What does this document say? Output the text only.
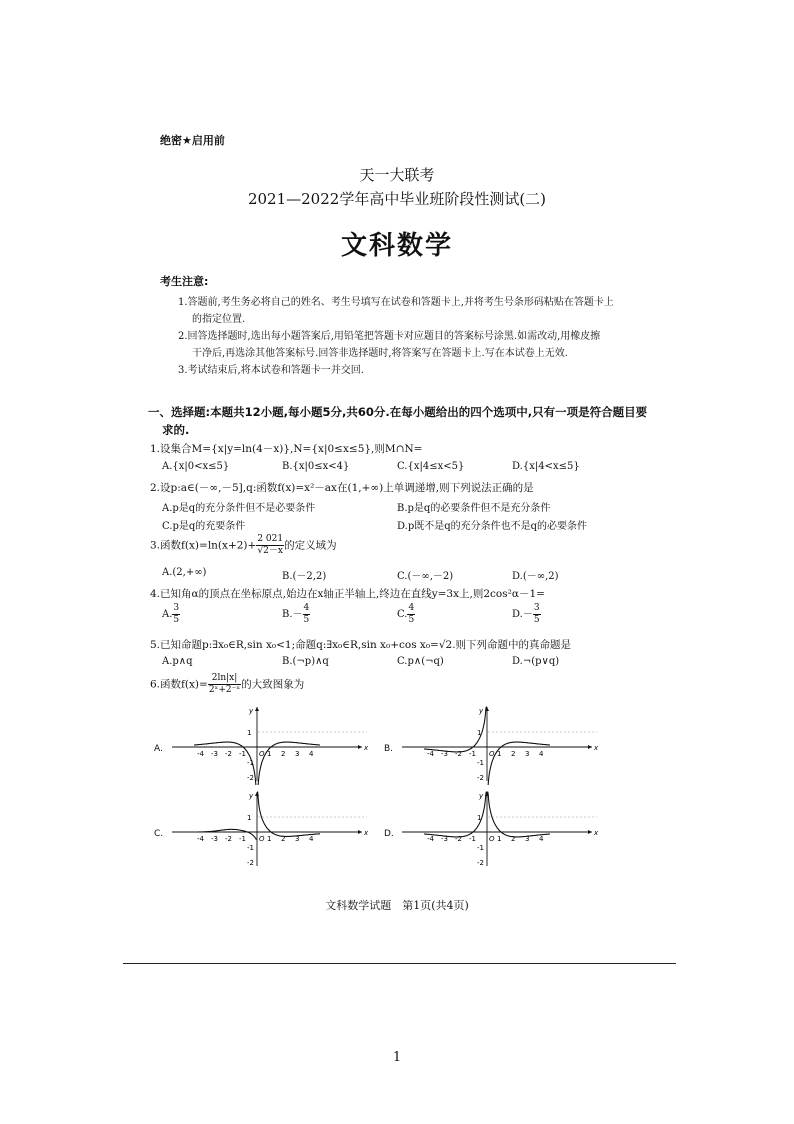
绝密★启用前
天一大联考
2021—2022学年高中毕业班阶段性测试(二)
文科数学
考生注意:
1.答题前,考生务必将自己的姓名、考生号填写在试卷和答题卡上,并将考生号条形码粘贴在答题卡上
的指定位置.
2.回答选择题时,选出每小题答案后,用铅笔把答题卡对应题目的答案标号涂黑.如需改动,用橡皮擦
干净后,再选涂其他答案标号.回答非选择题时,将答案写在答题卡上.写在本试卷上无效.
3.考试结束后,将本试卷和答题卡一并交回.
一、选择题:本题共12小题,每小题5分,共60分.在每小题给出的四个选项中,只有一项是符合题目要
求的.
1.设集合M={x|y=ln(4－x)},N={x|0≤x≤5},则M∩N=
A.{x|0<x≤5}	B.{x|0≤x<4}	C.{x|4≤x<5}	D.{x|4<x≤5}
2.设p:a∈(－∞,－5],q:函数f(x)=x²－ax在(1,+∞)上单调递增,则下列说法正确的是
A.p是q的充分条件但不是必要条件	B.p是q的必要条件但不是充分条件
C.p是q的充要条件	D.p既不是q的充分条件也不是q的必要条件
3.函数$f(x)=\ln(x+2)+ \frac{2 021}{√2-x}$ 的定义域为
A.(2,+∞)	B.(－2,2)	C.(－∞,－2)	D.(－∞,2)
4.已知角α的顶点在坐标原点,始边在x轴正半轴上,终边在直线y=3x上,则2cos²α－1=
A. $\frac{3}{5}$	$B.- \frac{4}{5}$	C. $\frac{4}{5}$	$D.- \frac{3}{5}$
5.已知命题p:∃x₀∈R,sin x₀<1;命题q:∃x₀∈R,sin x₀+cos x₀=√2.则下列命题中的真命题是
A.p∧q	B.(¬p)∧q	C.p∧(¬q)	D.¬(p∨q)
6.函数$f(x)= \frac{2\ln|x|}{\text{2ˣ+2⁻ˣ}}$ 的大致图象为
A.	x
y
O
-4 -3 -2 -1	1 2 3 4
1
-1
-2
B.	x
y
O
-4 -3 -2 -1	1 2 3 4
1
-1
-2
C.	x
y
O
-4 -3 -2 -1	1 2 3 4
1
-1
-2
D.	x
y
O
-4 -3 -2 -1	1 2 3 4
1
-1
-2
文科数学试题　第1页(共4页)
1
